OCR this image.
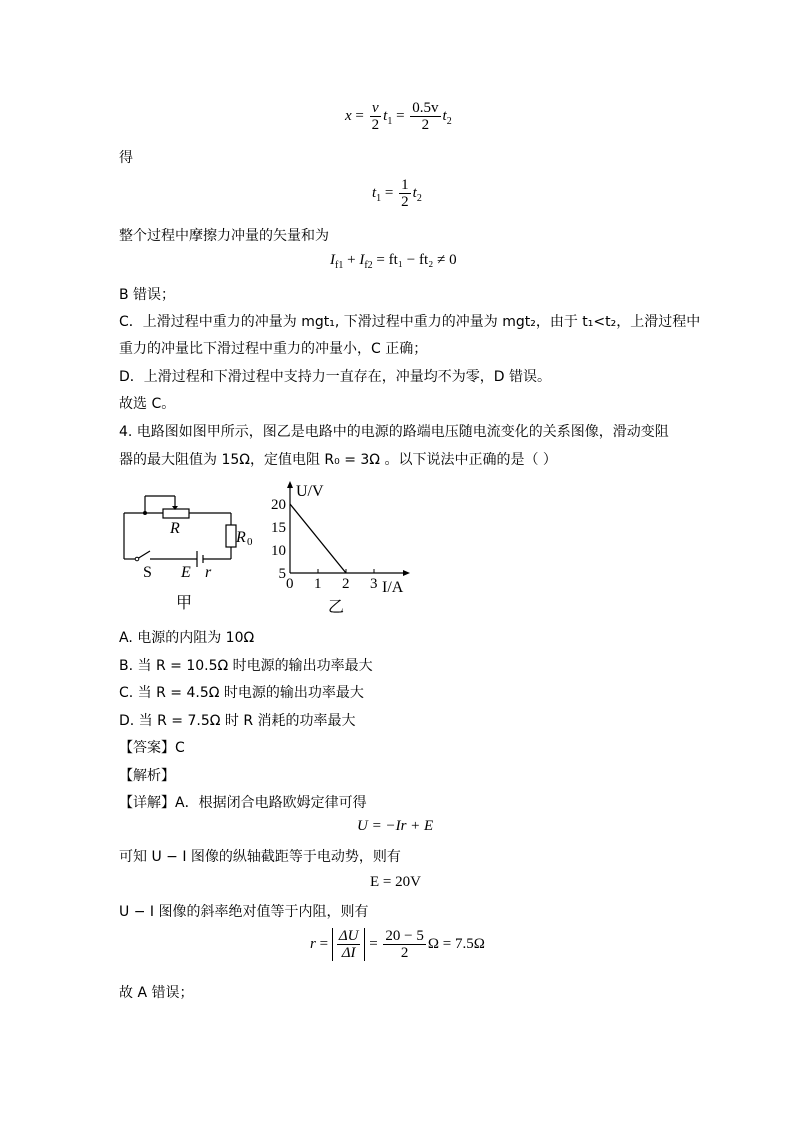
$x = \frac{v}{2} t_1 = \frac{0.5v}{2} t_2$
得
$t_1 = \frac{1}{2} t_2$
整个过程中摩擦力冲量的矢量和为
$I_{f1} + I_{f2} = ft_1 - ft_2 \ne 0$
B 错误；
C．上滑过程中重力的冲量为 mgt₁, 下滑过程中重力的冲量为 mgt₂，由于 t₁<t₂，上滑过程中
重力的冲量比下滑过程中重力的冲量小，C 正确；
D．上滑过程和下滑过程中支持力一直存在，冲量均不为零，D 错误。
故选 C。
4. 电路图如图甲所示，图乙是电路中的电源的路端电压随电流变化的关系图像，滑动变阻
器的最大阻值为 15Ω，定值电阻 R₀ = 3Ω 。以下说法中正确的是（ ）
R
R 0
S E r
甲
U/V
I/A
0 1 2 3
5
10
15
20
乙
A. 电源的内阻为 10Ω
B. 当 R = 10.5Ω 时电源的输出功率最大
C. 当 R = 4.5Ω 时电源的输出功率最大
D. 当 R = 7.5Ω 时 R 消耗的功率最大
【答案】C
【解析】
【详解】A．根据闭合电路欧姆定律可得
U = −Ir + E
可知 U − I 图像的纵轴截距等于电动势，则有
E = 20V
U − I 图像的斜率绝对值等于内阻，则有
$r = \frac{\Delta U}{\Delta I} = \frac{20 - 5}{2}$ Ω = 7.5Ω
故 A 错误；
